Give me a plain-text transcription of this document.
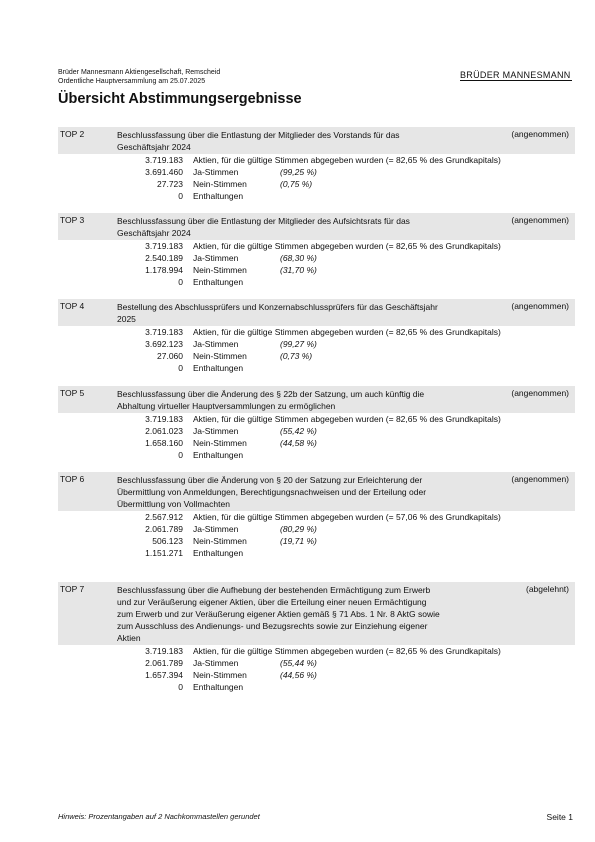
Brüder Mannesmann Aktiengesellschaft, Remscheid
Ordentliche Hauptversammlung am 25.07.2025
BRÜDER MANNESMANN
Übersicht Abstimmungsergebnisse
TOP 2	Beschlussfassung über die Entlastung der Mitglieder des Vorstands für das Geschäftsjahr 2024
(angenommen)
3.719.183 Aktien, für die gültige Stimmen abgegeben wurden (= 82,65 % des Grundkapitals)
3.691.460 Ja-Stimmen	(99,25 %)
27.723 Nein-Stimmen	(0,75 %)
0 Enthaltungen
TOP 3	Beschlussfassung über die Entlastung der Mitglieder des Aufsichtsrats für das Geschäftsjahr 2024
(angenommen)
3.719.183 Aktien, für die gültige Stimmen abgegeben wurden (= 82,65 % des Grundkapitals)
2.540.189 Ja-Stimmen	(68,30 %)
1.178.994 Nein-Stimmen	(31,70 %)
0 Enthaltungen
TOP 4	Bestellung des Abschlussprüfers und Konzernabschlussprüfers für das Geschäftsjahr 2025
(angenommen)
3.719.183 Aktien, für die gültige Stimmen abgegeben wurden (= 82,65 % des Grundkapitals)
3.692.123 Ja-Stimmen	(99,27 %)
27.060 Nein-Stimmen	(0,73 %)
0 Enthaltungen
TOP 5	Beschlussfassung über die Änderung des § 22b der Satzung, um auch künftig die Abhaltung virtueller Hauptversammlungen zu ermöglichen
(angenommen)
3.719.183 Aktien, für die gültige Stimmen abgegeben wurden (= 82,65 % des Grundkapitals)
2.061.023 Ja-Stimmen	(55,42 %)
1.658.160 Nein-Stimmen	(44,58 %)
0 Enthaltungen
TOP 6	Beschlussfassung über die Änderung von § 20 der Satzung zur Erleichterung der Übermittlung von Anmeldungen, Berechtigungsnachweisen und der Erteilung oder Übermittlung von Vollmachten
(angenommen)
2.567.912 Aktien, für die gültige Stimmen abgegeben wurden (= 57,06 % des Grundkapitals)
2.061.789 Ja-Stimmen	(80,29 %)
506.123 Nein-Stimmen	(19,71 %)
1.151.271 Enthaltungen
TOP 7	Beschlussfassung über die Aufhebung der bestehenden Ermächtigung zum Erwerb und zur Veräußerung eigener Aktien, über die Erteilung einer neuen Ermächtigung zum Erwerb und zur Veräußerung eigener Aktien gemäß § 71 Abs. 1 Nr. 8 AktG sowie zum Ausschluss des Andienungs- und Bezugsrechts sowie zur Einziehung eigener Aktien
(abgelehnt)
3.719.183 Aktien, für die gültige Stimmen abgegeben wurden (= 82,65 % des Grundkapitals)
2.061.789 Ja-Stimmen	(55,44 %)
1.657.394 Nein-Stimmen	(44,56 %)
0 Enthaltungen
Hinweis: Prozentangaben auf 2 Nachkommastellen gerundet	Seite 1
